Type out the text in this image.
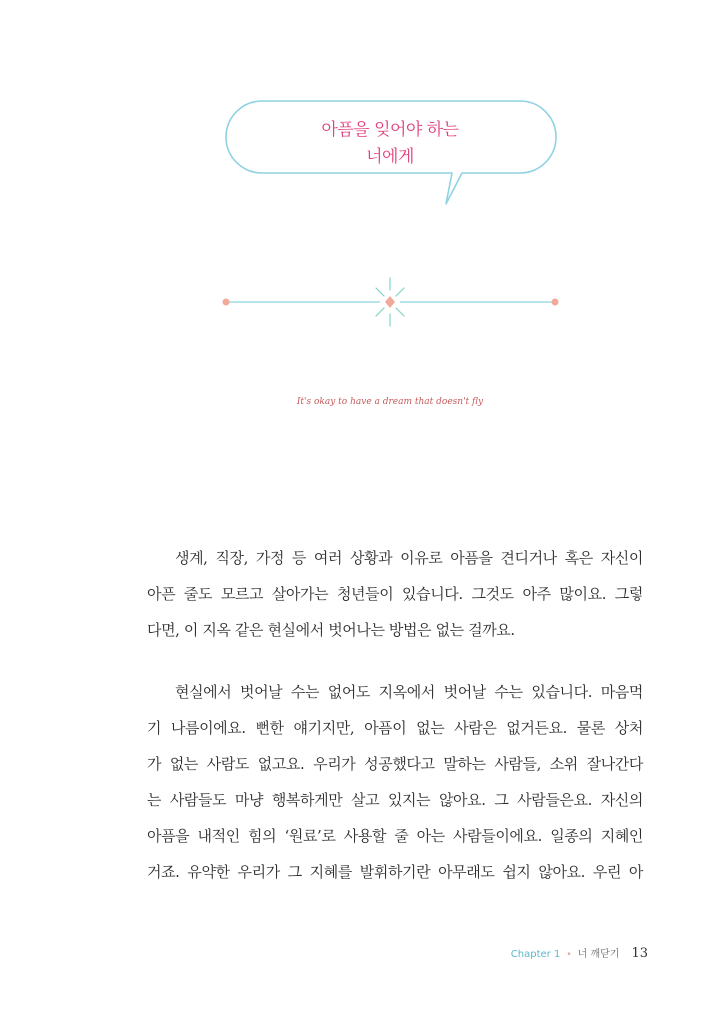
아픔을 잊어야 하는
너에게
It's okay to have a dream that doesn't fly

생계, 직장, 가정 등 여러 상황과 이유로 아픔을 견디거나 혹은 자신이
아픈 줄도 모르고 살아가는 청년들이 있습니다. 그것도 아주 많이요. 그렇
다면, 이 지옥 같은 현실에서 벗어나는 방법은 없는 걸까요.

현실에서 벗어날 수는 없어도 지옥에서 벗어날 수는 있습니다. 마음먹
기 나름이에요. 뻔한 얘기지만, 아픔이 없는 사람은 없거든요. 물론 상처
가 없는 사람도 없고요. 우리가 성공했다고 말하는 사람들, 소위 잘나간다
는 사람들도 마냥 행복하게만 살고 있지는 않아요. 그 사람들은요. 자신의
아픔을 내적인 힘의 ‘원료’로 사용할 줄 아는 사람들이에요. 일종의 지혜인
거죠. 유약한 우리가 그 지혜를 발휘하기란 아무래도 쉽지 않아요. 우린 아

Chapter 1 • 너 깨닫기 13
